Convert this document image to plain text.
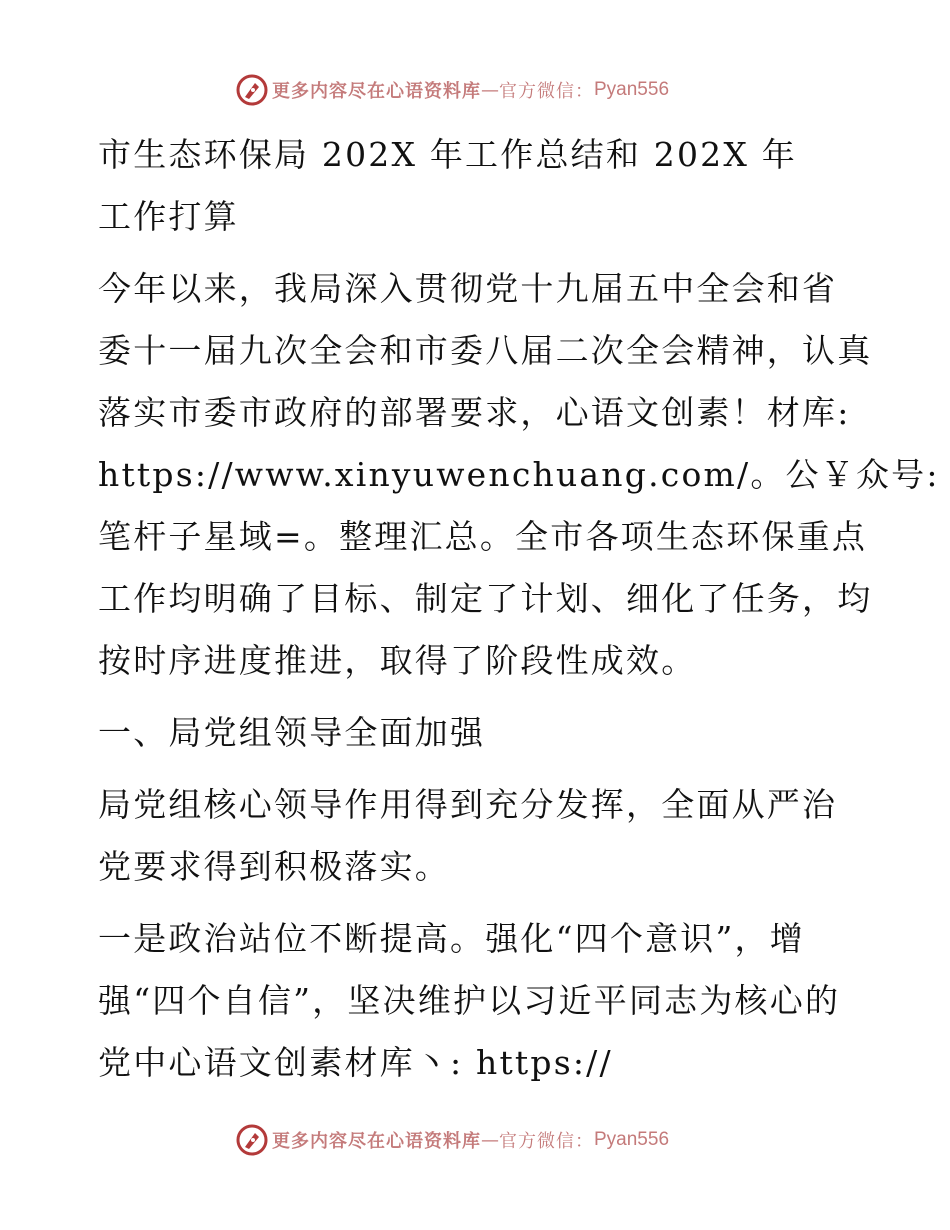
更多内容尽在心语资料库 — 官方微信： Pyan556
市生态环保局 202X 年工作总结和 202X 年
工作打算
今年以来，我局深入贯彻党十九届五中全会和省
委十一届九次全会和市委八届二次全会精神，认真
落实市委市政府的部署要求，心语文创素！材库:
https://www.xinyuwenchuang.com/。公￥众号:
笔杆子星域=。整理汇总。全市各项生态环保重点
工作均明确了目标、制定了计划、细化了任务，均
按时序进度推进，取得了阶段性成效。
一、局党组领导全面加强
局党组核心领导作用得到充分发挥，全面从严治
党要求得到积极落实。
一是政治站位不断提高。强化“四个意识”，增
强“四个自信”，坚决维护以习近平同志为核心的
党中心语文创素材库丶: https://
更多内容尽在心语资料库 — 官方微信： Pyan556
